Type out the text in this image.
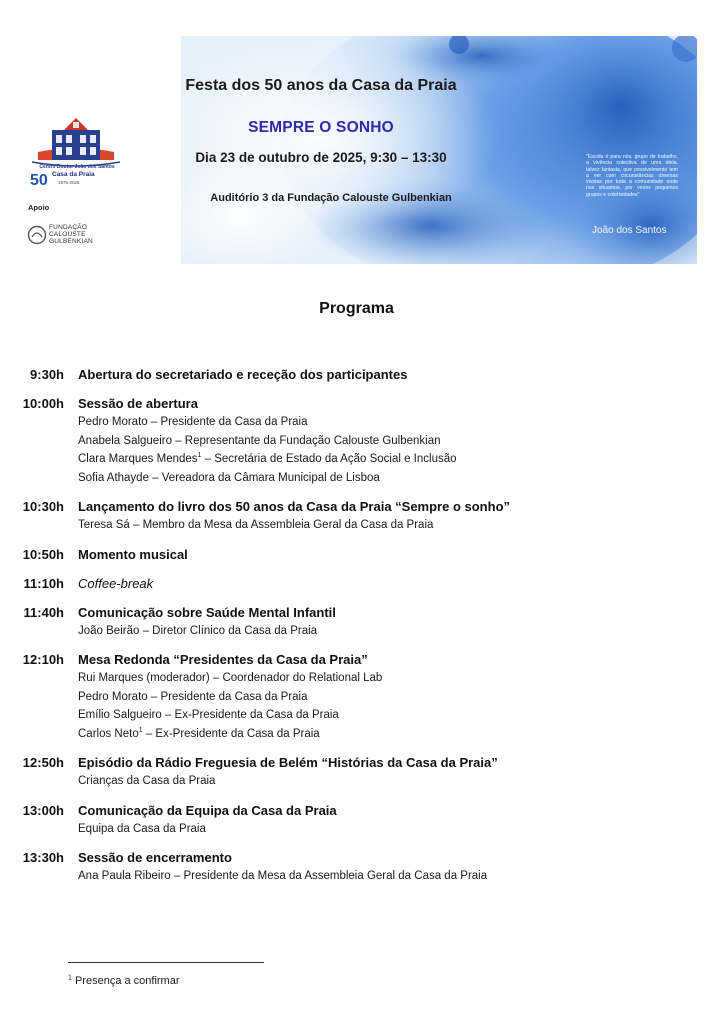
Festa dos 50 anos da Casa da Praia
SEMPRE O SONHO
Dia 23 de outubro de 2025, 9:30 – 13:30
Auditório 3 da Fundação Calouste Gulbenkian
"Escola é para nós, grupo de trabalho, a vivência colectiva de uma ideia, talvez fantasia, que possivelmente tem a ver com circunstâncias diversas vividas por toda a comunidade onde nos situamos, por vezes pequenos grupos e coletividades"
João dos Santos
Centro Doutor João dos Santos
50 Casa da Praia
1975-2025
Apoio
FUNDAÇÃO
CALOUSTE
GULBENKIAN
Programa
9:30h Abertura do secretariado e receção dos participantes
10:00h Sessão de abertura
Pedro Morato – Presidente da Casa da Praia
Anabela Salgueiro – Representante da Fundação Calouste Gulbenkian
Clara Marques Mendes$^1$ – Secretária de Estado da Ação Social e Inclusão
Sofia Athayde – Vereadora da Câmara Municipal de Lisboa
10:30h Lançamento do livro dos 50 anos da Casa da Praia “Sempre o sonho”
Teresa Sá – Membro da Mesa da Assembleia Geral da Casa da Praia
10:50h Momento musical
11:10h Coffee-break
11:40h Comunicação sobre Saúde Mental Infantil
João Beirão – Diretor Clínico da Casa da Praia
12:10h Mesa Redonda “Presidentes da Casa da Praia”
Rui Marques (moderador) – Coordenador do Relational Lab
Pedro Morato – Presidente da Casa da Praia
Emílio Salgueiro – Ex-Presidente da Casa da Praia
Carlos Neto$^1$ – Ex-Presidente da Casa da Praia
12:50h Episódio da Rádio Freguesia de Belém “Histórias da Casa da Praia”
Crianças da Casa da Praia
13:00h Comunicação da Equipa da Casa da Praia
Equipa da Casa da Praia
13:30h Sessão de encerramento
Ana Paula Ribeiro – Presidente da Mesa da Assembleia Geral da Casa da Praia
$^1$ Presença a confirmar
